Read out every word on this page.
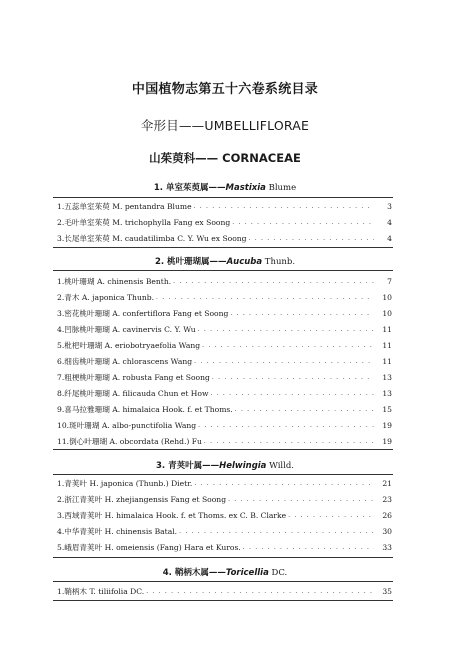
中国植物志第五十六卷系统目录
伞形目——UMBELLIFLORAE
山茱萸科—— CORNACEAE
1. 单室茱萸属——Mastixia Blume
1. 五蕊单室茱萸 M. pentandra Blume . . .	3
2. 毛叶单室茱萸 M. trichophylla Fang ex Soong . . .	4
3. 长尾单室茱萸 M. caudatilimba C. Y. Wu ex Soong . . .	4
2. 桃叶珊瑚属——Aucuba Thunb.
1. 桃叶珊瑚 A. chinensis Benth. . . .	7
2. 青木 A. japonica Thunb. . . .	10
3. 密花桃叶珊瑚 A. confertiflora Fang et Soong . . .	10
4. 凹脉桃叶珊瑚 A. cavinervis C. Y. Wu . . .	11
5. 枇杷叶珊瑚 A. eriobotryaefolia Wang . . .	11
6. 细齿桃叶珊瑚 A. chlorascens Wang . . .	11
7. 粗梗桃叶珊瑚 A. robusta Fang et Soong . . .	13
8. 纤尾桃叶珊瑚 A. filicauda Chun et How . . .	13
9. 喜马拉雅珊瑚 A. himalaica Hook. f. et Thoms. . . .	15
10. 斑叶珊瑚 A. albo-punctifolia Wang . . .	19
11. 倒心叶珊瑚 A. obcordata (Rehd.) Fu . . .	19
3. 青荚叶属——Helwingia Willd.
1. 青荚叶 H. japonica (Thunb.) Dietr. . . .	21
2. 浙江青荚叶 H. zhejiangensis Fang et Soong . . .	23
3. 西域青荚叶 H. himalaica Hook. f. et Thoms. ex C. B. Clarke . . .	26
4. 中华青荚叶 H. chinensis Batal. . . .	30
5. 峨眉青荚叶 H. omeiensis (Fang) Hara et Kuros. . . .	33
4. 鞘柄木属——Toricellia DC.
1. 鞘柄木 T. tiliifolia DC. . . .	35
